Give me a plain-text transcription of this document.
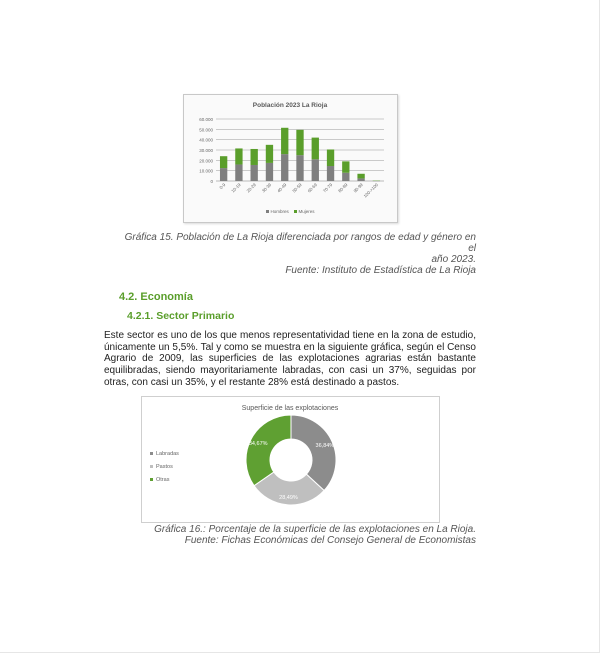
Población 2023 La Rioja
0
10.000
20.000
30.000
40.000
50.000
60.000
0-9 10-19 20-29 30-39 40-49 50-59 60-69 70-79 80-89 90-99
100->100
Hombres Mujeres
Gráfica 15. Población de La Rioja diferenciada por rangos de edad y género en el
año 2023.
Fuente: Instituto de Estadística de La Rioja
4.2. Economía
4.2.1. Sector Primario
Este sector es uno de los que menos representatividad tiene en la zona de estudio, únicamente un 5,5%. Tal y como se muestra en la siguiente gráfica, según el Censo Agrario de 2009, las superficies de las explotaciones agrarias están bastante equilibradas, siendo mayoritariamente labradas, con casi un 37%, seguidas por otras, con casi un 35%, y el restante 28% está destinado a pastos.
Superficie de las explotaciones
36,84%
28,49%
34,67%
Labradas
Pastos
Otras
Gráfica 16.: Porcentaje de la superficie de las explotaciones en La Rioja.
Fuente: Fichas Económicas del Consejo General de Economistas
